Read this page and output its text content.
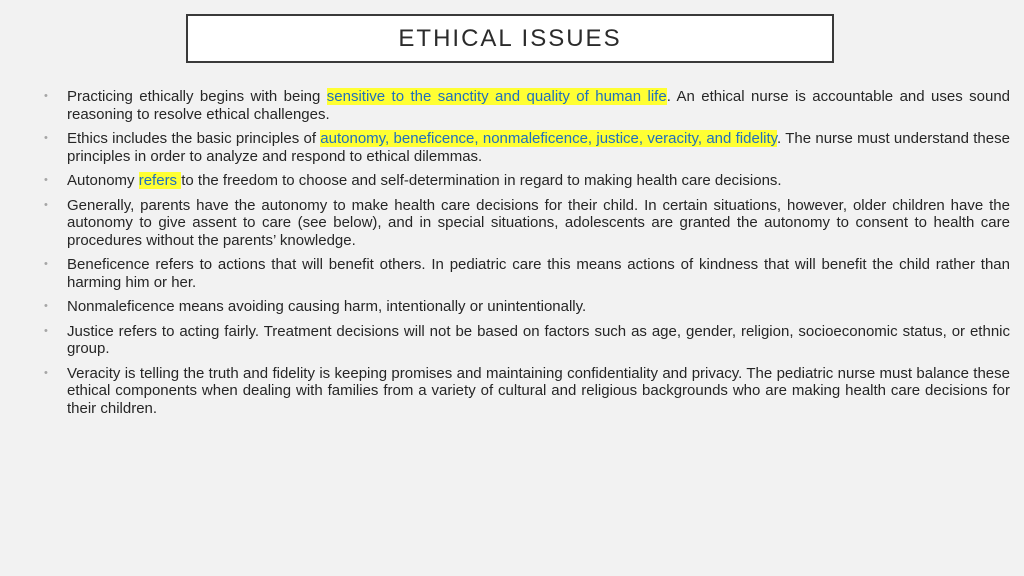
ETHICAL ISSUES
• Practicing ethically begins with being sensitive to the sanctity and quality of human life. An ethical nurse is accountable and uses sound reasoning to resolve ethical challenges.
• Ethics includes the basic principles of autonomy, beneficence, nonmaleficence, justice, veracity, and fidelity. The nurse must understand these principles in order to analyze and respond to ethical dilemmas.
• Autonomy refers to the freedom to choose and self-determination in regard to making health care decisions.
• Generally, parents have the autonomy to make health care decisions for their child. In certain situations, however, older children have the autonomy to give assent to care (see below), and in special situations, adolescents are granted the autonomy to consent to health care procedures without the parents’ knowledge.
• Beneficence refers to actions that will benefit others. In pediatric care this means actions of kindness that will benefit the child rather than harming him or her.
• Nonmaleficence means avoiding causing harm, intentionally or unintentionally.
• Justice refers to acting fairly. Treatment decisions will not be based on factors such as age, gender, religion, socioeconomic status, or ethnic group.
• Veracity is telling the truth and fidelity is keeping promises and maintaining confidentiality and privacy. The pediatric nurse must balance these ethical components when dealing with families from a variety of cultural and religious backgrounds who are making health care decisions for their children.
